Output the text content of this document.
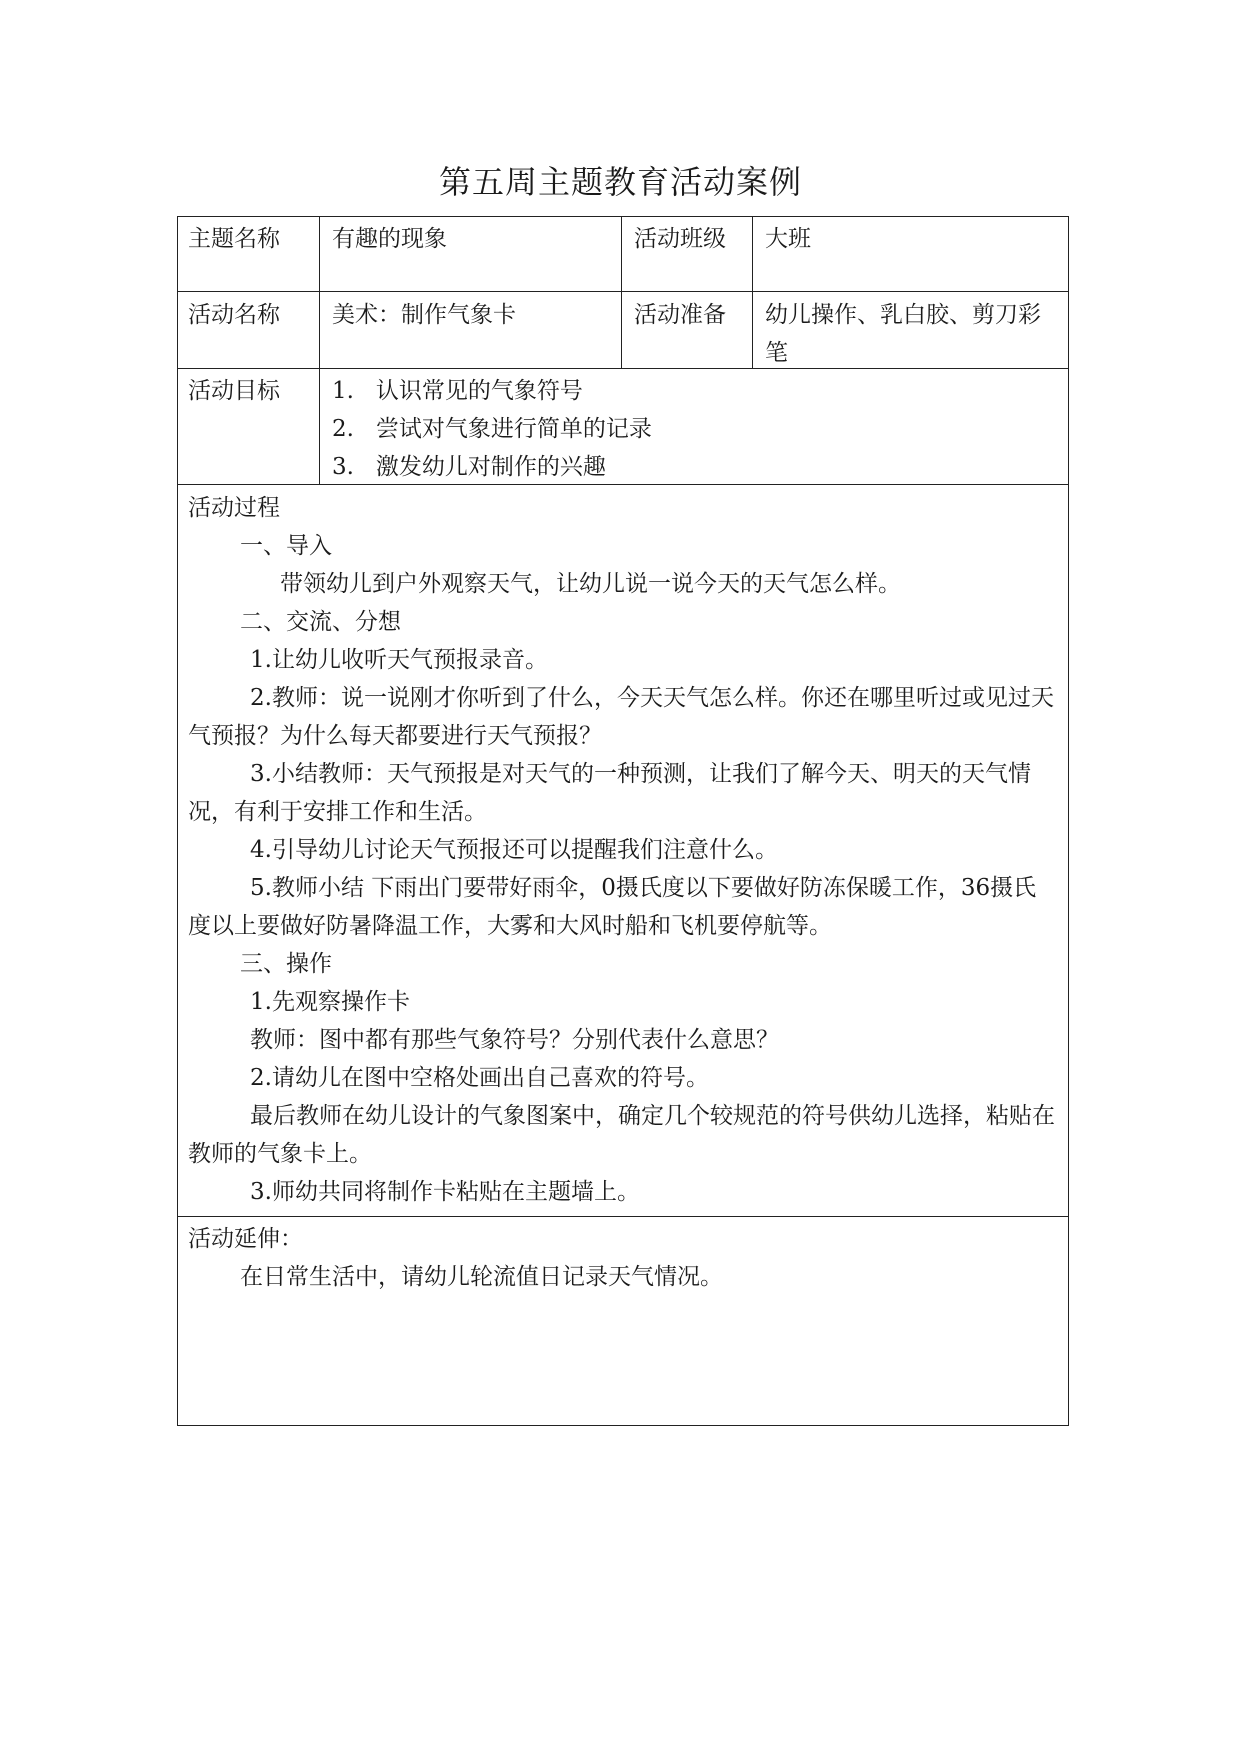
第五周主题教育活动案例
主题名称 有趣的现象	活动班级 大班
活动名称 美术：制作气象卡	活动准备 幼儿操作、乳白胶、剪刀彩笔
活动目标 1.   认识常见的气象符号
2.   尝试对气象进行简单的记录
3.   激发幼儿对制作的兴趣
活动过程
一、导入
带领幼儿到户外观察天气，让幼儿说一说今天的天气怎么样。
二、交流、分想
1.让幼儿收听天气预报录音。
2.教师：说一说刚才你听到了什么，今天天气怎么样。你还在哪里听过或见过天气预报？为什么每天都要进行天气预报？
3.小结教师：天气预报是对天气的一种预测，让我们了解今天、明天的天气情况，有利于安排工作和生活。
4.引导幼儿讨论天气预报还可以提醒我们注意什么。
5.教师小结 下雨出门要带好雨伞，0摄氏度以下要做好防冻保暖工作，36摄氏度以上要做好防暑降温工作，大雾和大风时船和飞机要停航等。
三、操作
1.先观察操作卡
教师：图中都有那些气象符号？分别代表什么意思？
2.请幼儿在图中空格处画出自己喜欢的符号。
最后教师在幼儿设计的气象图案中，确定几个较规范的符号供幼儿选择，粘贴在教师的气象卡上。
3.师幼共同将制作卡粘贴在主题墙上。
活动延伸：
在日常生活中，请幼儿轮流值日记录天气情况。
